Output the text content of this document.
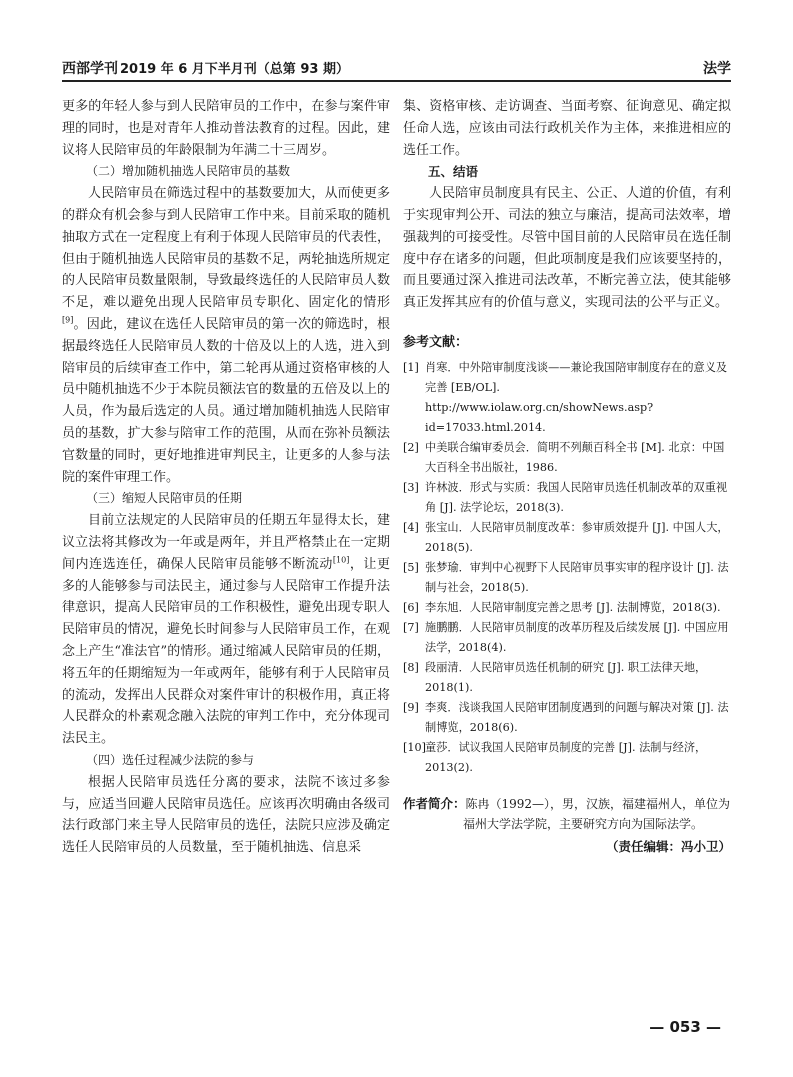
西部学刊 2019 年 6 月下半月刊（总第 93 期）	法学

更多的年轻人参与到人民陪审员的工作中，在参与案件审理的同时，也是对青年人推动普法教育的过程。因此，建议将人民陪审员的年龄限制为年满二十三周岁。

（二）增加随机抽选人民陪审员的基数

人民陪审员在筛选过程中的基数要加大，从而使更多的群众有机会参与到人民陪审工作中来。目前采取的随机抽取方式在一定程度上有利于体现人民陪审员的代表性，但由于随机抽选人民陪审员的基数不足，两轮抽选所规定的人民陪审员数量限制，导致最终选任的人民陪审员人数不足，难以避免出现人民陪审员专职化、固定化的情形[9]。因此，建议在选任人民陪审员的第一次的筛选时，根据最终选任人民陪审员人数的十倍及以上的人选，进入到陪审员的后续审查工作中，第二轮再从通过资格审核的人员中随机抽选不少于本院员额法官的数量的五倍及以上的人员，作为最后选定的人员。通过增加随机抽选人民陪审员的基数，扩大参与陪审工作的范围，从而在弥补员额法官数量的同时，更好地推进审判民主，让更多的人参与法院的案件审理工作。

（三）缩短人民陪审员的任期

目前立法规定的人民陪审员的任期五年显得太长，建议立法将其修改为一年或是两年，并且严格禁止在一定期间内连选连任，确保人民陪审员能够不断流动[10]，让更多的人能够参与司法民主，通过参与人民陪审工作提升法律意识，提高人民陪审员的工作积极性，避免出现专职人民陪审员的情况，避免长时间参与人民陪审员工作，在观念上产生“准法官”的情形。通过缩减人民陪审员的任期，将五年的任期缩短为一年或两年，能够有利于人民陪审员的流动，发挥出人民群众对案件审计的积极作用，真正将人民群众的朴素观念融入法院的审判工作中，充分体现司法民主。

（四）选任过程减少法院的参与

根据人民陪审员选任分离的要求，法院不该过多参与，应适当回避人民陪审员选任。应该再次明确由各级司法行政部门来主导人民陪审员的选任，法院只应涉及确定选任人民陪审员的人员数量，至于随机抽选、信息采

集、资格审核、走访调查、当面考察、征询意见、确定拟任命人选，应该由司法行政机关作为主体，来推进相应的选任工作。

五、结语

人民陪审员制度具有民主、公正、人道的价值，有利于实现审判公开、司法的独立与廉洁，提高司法效率，增强裁判的可接受性。尽管中国目前的人民陪审员在选任制度中存在诸多的问题，但此项制度是我们应该要坚持的，而且要通过深入推进司法改革，不断完善立法，使其能够真正发挥其应有的价值与意义，实现司法的公平与正义。

参考文献：
[1] 肖寒．中外陪审制度浅谈——兼论我国陪审制度存在的意义及完善 [EB/OL]. http://www.iolaw.org.cn/showNews.asp?id=17033.html.2014.
[2] 中美联合编审委员会．简明不列颠百科全书 [M]. 北京：中国大百科全书出版社，1986.
[3] 许林波．形式与实质：我国人民陪审员选任机制改革的双重视角 [J]. 法学论坛，2018(3).
[4] 张宝山．人民陪审员制度改革：参审质效提升 [J]. 中国人大，2018(5).
[5] 张梦瑜．审判中心视野下人民陪审员事实审的程序设计 [J]. 法制与社会，2018(5).
[6] 李东旭．人民陪审制度完善之思考 [J]. 法制博览，2018(3).
[7] 施鹏鹏．人民陪审员制度的改革历程及后续发展 [J]. 中国应用法学，2018(4).
[8] 段丽清．人民陪审员选任机制的研究 [J]. 职工法律天地，2018(1).
[9] 李爽．浅谈我国人民陪审团制度遇到的问题与解决对策 [J]. 法制博览，2018(6).
[10] 童莎．试议我国人民陪审员制度的完善 [J]. 法制与经济，2013(2).
作者简介：陈冉（1992—），男，汉族，福建福州人，单位为
福州大学法学院，主要研究方向为国际法学。
（责任编辑：冯小卫）
— 053 —
